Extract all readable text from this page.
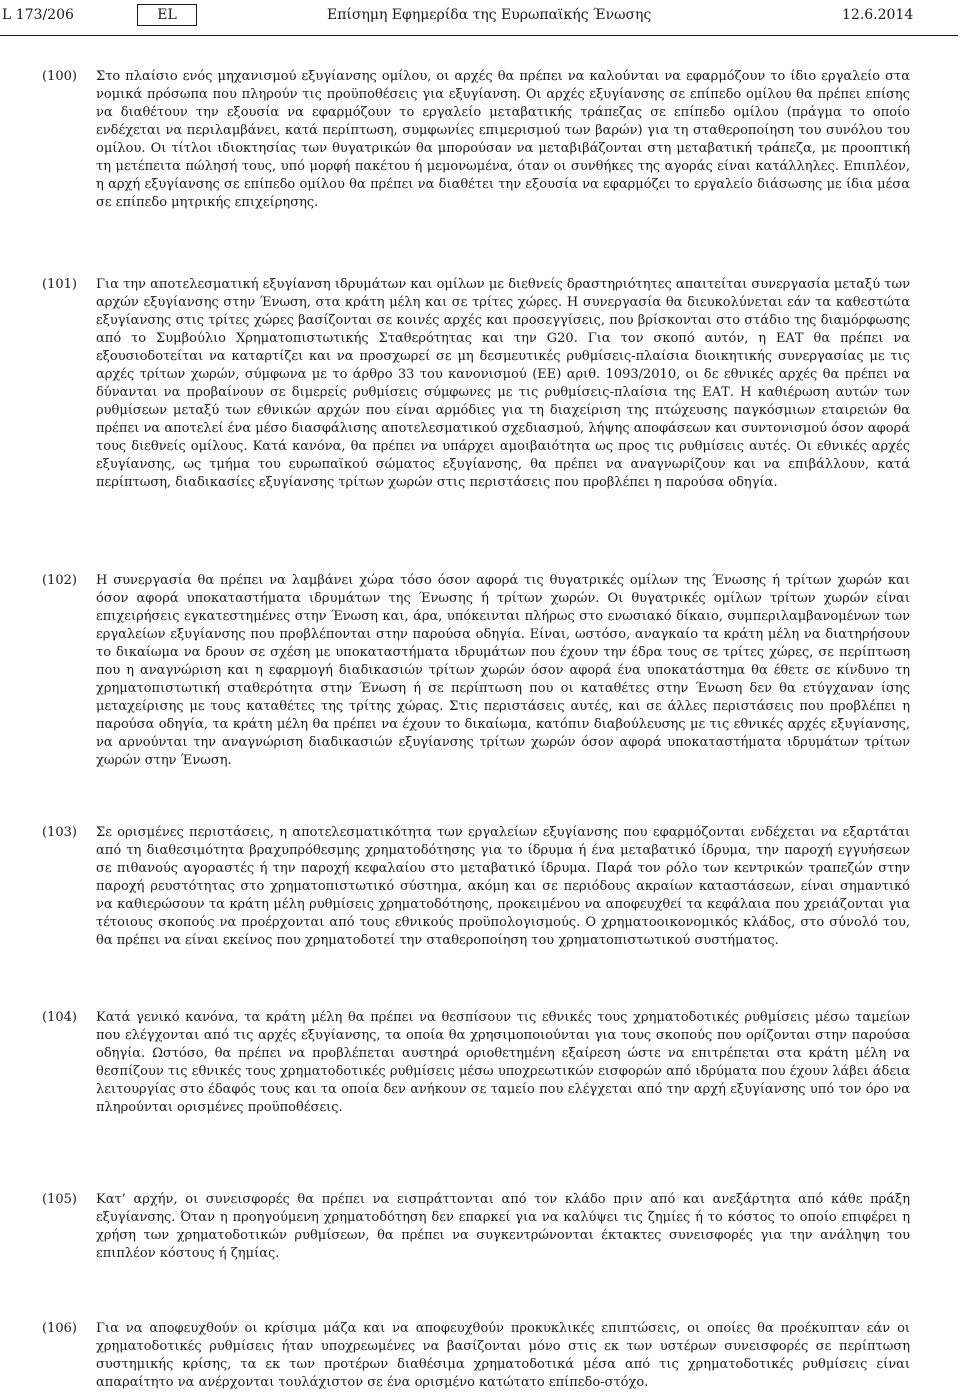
L 173/206	EL	Επίσημη Εφημερίδα της Ευρωπαϊκής Ένωσης	12.6.2014
(100) Στο πλαίσιο ενός μηχανισμού εξυγίανσης ομίλου, οι αρχές θα πρέπει να καλούνται να εφαρμόζουν το ίδιο εργαλείο στα νομικά πρόσωπα που πληρούν τις προϋποθέσεις για εξυγίανση. Οι αρχές εξυγίανσης σε επίπεδο ομίλου θα πρέπει επίσης να διαθέτουν την εξουσία να εφαρμόζουν το εργαλείο μεταβατικής τράπεζας σε επίπεδο ομίλου (πράγμα το οποίο ενδέχεται να περιλαμβάνει, κατά περίπτωση, συμφωνίες επιμερισμού των βαρών) για τη σταθεροποίηση του συνόλου του ομίλου. Οι τίτλοι ιδιοκτησίας των θυγατρικών θα μπορούσαν να μεταβιβάζονται στη μεταβατική τράπεζα, με προοπτική τη μετέπειτα πώλησή τους, υπό μορφή πακέτου ή μεμονωμένα, όταν οι συνθήκες της αγοράς είναι κατάλληλες. Επιπλέον, η αρχή εξυγίανσης σε επίπεδο ομίλου θα πρέπει να διαθέτει την εξουσία να εφαρμόζει το εργαλείο διάσωσης με ίδια μέσα σε επίπεδο μητρικής επιχείρησης.

(101) Για την αποτελεσματική εξυγίανση ιδρυμάτων και ομίλων με διεθνείς δραστηριότητες απαιτείται συνεργασία μεταξύ των αρχών εξυγίανσης στην Ένωση, στα κράτη μέλη και σε τρίτες χώρες. Η συνεργασία θα διευκολύνεται εάν τα καθεστώτα εξυγίανσης στις τρίτες χώρες βασίζονται σε κοινές αρχές και προσεγγίσεις, που βρίσκονται στο στάδιο της διαμόρφωσης από το Συμβούλιο Χρηματοπιστωτικής Σταθερότητας και την G20. Για τον σκοπό αυτόν, η ΕΑΤ θα πρέπει να εξουσιοδοτείται να καταρτίζει και να προσχωρεί σε μη δεσμευτικές ρυθμίσεις-πλαίσια διοικητικής συνεργασίας με τις αρχές τρίτων χωρών, σύμφωνα με το άρθρο 33 του κανονισμού (ΕΕ) αριθ. 1093/2010, οι δε εθνικές αρχές θα πρέπει να δύνανται να προβαίνουν σε διμερείς ρυθμίσεις σύμφωνες με τις ρυθμίσεις-πλαίσια της ΕΑΤ. Η καθιέρωση αυτών των ρυθμίσεων μεταξύ των εθνικών αρχών που είναι αρμόδιες για τη διαχείριση της πτώχευσης παγκόσμιων εταιρειών θα πρέπει να αποτελεί ένα μέσο διασφάλισης αποτελεσματικού σχεδιασμού, λήψης αποφάσεων και συντονισμού όσον αφορά τους διεθνείς ομίλους. Κατά κανόνα, θα πρέπει να υπάρχει αμοιβαιότητα ως προς τις ρυθμίσεις αυτές. Οι εθνικές αρχές εξυγίανσης, ως τμήμα του ευρωπαϊκού σώματος εξυγίανσης, θα πρέπει να αναγνωρίζουν και να επιβάλλουν, κατά περίπτωση, διαδικασίες εξυγίανσης τρίτων χωρών στις περιστάσεις που προβλέπει η παρούσα οδηγία.

(102) Η συνεργασία θα πρέπει να λαμβάνει χώρα τόσο όσον αφορά τις θυγατρικές ομίλων της Ένωσης ή τρίτων χωρών και όσον αφορά υποκαταστήματα ιδρυμάτων της Ένωσης ή τρίτων χωρών. Οι θυγατρικές ομίλων τρίτων χωρών είναι επιχειρήσεις εγκατεστημένες στην Ένωση και, άρα, υπόκεινται πλήρως στο ενωσιακό δίκαιο, συμπεριλαμβανομένων των εργαλείων εξυγίανσης που προβλέπονται στην παρούσα οδηγία. Είναι, ωστόσο, αναγκαίο τα κράτη μέλη να διατηρήσουν το δικαίωμα να δρουν σε σχέση με υποκαταστήματα ιδρυμάτων που έχουν την έδρα τους σε τρίτες χώρες, σε περίπτωση που η αναγνώριση και η εφαρμογή διαδικασιών τρίτων χωρών όσον αφορά ένα υποκατάστημα θα έθετε σε κίνδυνο τη χρηματοπιστωτική σταθερότητα στην Ένωση ή σε περίπτωση που οι καταθέτες στην Ένωση δεν θα ετύγχαναν ίσης μεταχείρισης με τους καταθέτες της τρίτης χώρας. Στις περιστάσεις αυτές, και σε άλλες περιστάσεις που προβλέπει η παρούσα οδηγία, τα κράτη μέλη θα πρέπει να έχουν το δικαίωμα, κατόπιν διαβούλευσης με τις εθνικές αρχές εξυγίανσης, να αρνούνται την αναγνώριση διαδικασιών εξυγίανσης τρίτων χωρών όσον αφορά υποκαταστήματα ιδρυμάτων τρίτων χωρών στην Ένωση.

(103) Σε ορισμένες περιστάσεις, η αποτελεσματικότητα των εργαλείων εξυγίανσης που εφαρμόζονται ενδέχεται να εξαρτάται από τη διαθεσιμότητα βραχυπρόθεσμης χρηματοδότησης για το ίδρυμα ή ένα μεταβατικό ίδρυμα, την παροχή εγγυήσεων σε πιθανούς αγοραστές ή την παροχή κεφαλαίου στο μεταβατικό ίδρυμα. Παρά τον ρόλο των κεντρικών τραπεζών στην παροχή ρευστότητας στο χρηματοπιστωτικό σύστημα, ακόμη και σε περιόδους ακραίων καταστάσεων, είναι σημαντικό να καθιερώσουν τα κράτη μέλη ρυθμίσεις χρηματοδότησης, προκειμένου να αποφευχθεί τα κεφάλαια που χρειάζονται για τέτοιους σκοπούς να προέρχονται από τους εθνικούς προϋπολογισμούς. Ο χρηματοοικονομικός κλάδος, στο σύνολό του, θα πρέπει να είναι εκείνος που χρηματοδοτεί την σταθεροποίηση του χρηματοπιστωτικού συστήματος.

(104) Κατά γενικό κανόνα, τα κράτη μέλη θα πρέπει να θεσπίσουν τις εθνικές τους χρηματοδοτικές ρυθμίσεις μέσω ταμείων που ελέγχονται από τις αρχές εξυγίανσης, τα οποία θα χρησιμοποιούνται για τους σκοπούς που ορίζονται στην παρούσα οδηγία. Ωστόσο, θα πρέπει να προβλέπεται αυστηρά οριοθετημένη εξαίρεση ώστε να επιτρέπεται στα κράτη μέλη να θεσπίζουν τις εθνικές τους χρηματοδοτικές ρυθμίσεις μέσω υποχρεωτικών εισφορών από ιδρύματα που έχουν λάβει άδεια λειτουργίας στο έδαφός τους και τα οποία δεν ανήκουν σε ταμείο που ελέγχεται από την αρχή εξυγίανσης υπό τον όρο να πληρούνται ορισμένες προϋποθέσεις.

(105) Κατ’ αρχήν, οι συνεισφορές θα πρέπει να εισπράττονται από τον κλάδο πριν από και ανεξάρτητα από κάθε πράξη εξυγίανσης. Όταν η προηγούμενη χρηματοδότηση δεν επαρκεί για να καλύψει τις ζημίες ή το κόστος το οποίο επιφέρει η χρήση των χρηματοδοτικών ρυθμίσεων, θα πρέπει να συγκεντρώνονται έκτακτες συνεισφορές για την ανάληψη του επιπλέον κόστους ή ζημίας.

(106) Για να αποφευχθούν οι κρίσιμα μάζα και να αποφευχθούν προκυκλικές επιπτώσεις, οι οποίες θα προέκυπταν εάν οι χρηματοδοτικές ρυθμίσεις ήταν υποχρεωμένες να βασίζονται μόνο στις εκ των υστέρων συνεισφορές σε περίπτωση συστημικής κρίσης, τα εκ των προτέρων διαθέσιμα χρηματοδοτικά μέσα από τις χρηματοδοτικές ρυθμίσεις είναι απαραίτητο να ανέρχονται τουλάχιστον σε ένα ορισμένο κατώτατο επίπεδο-στόχο.
